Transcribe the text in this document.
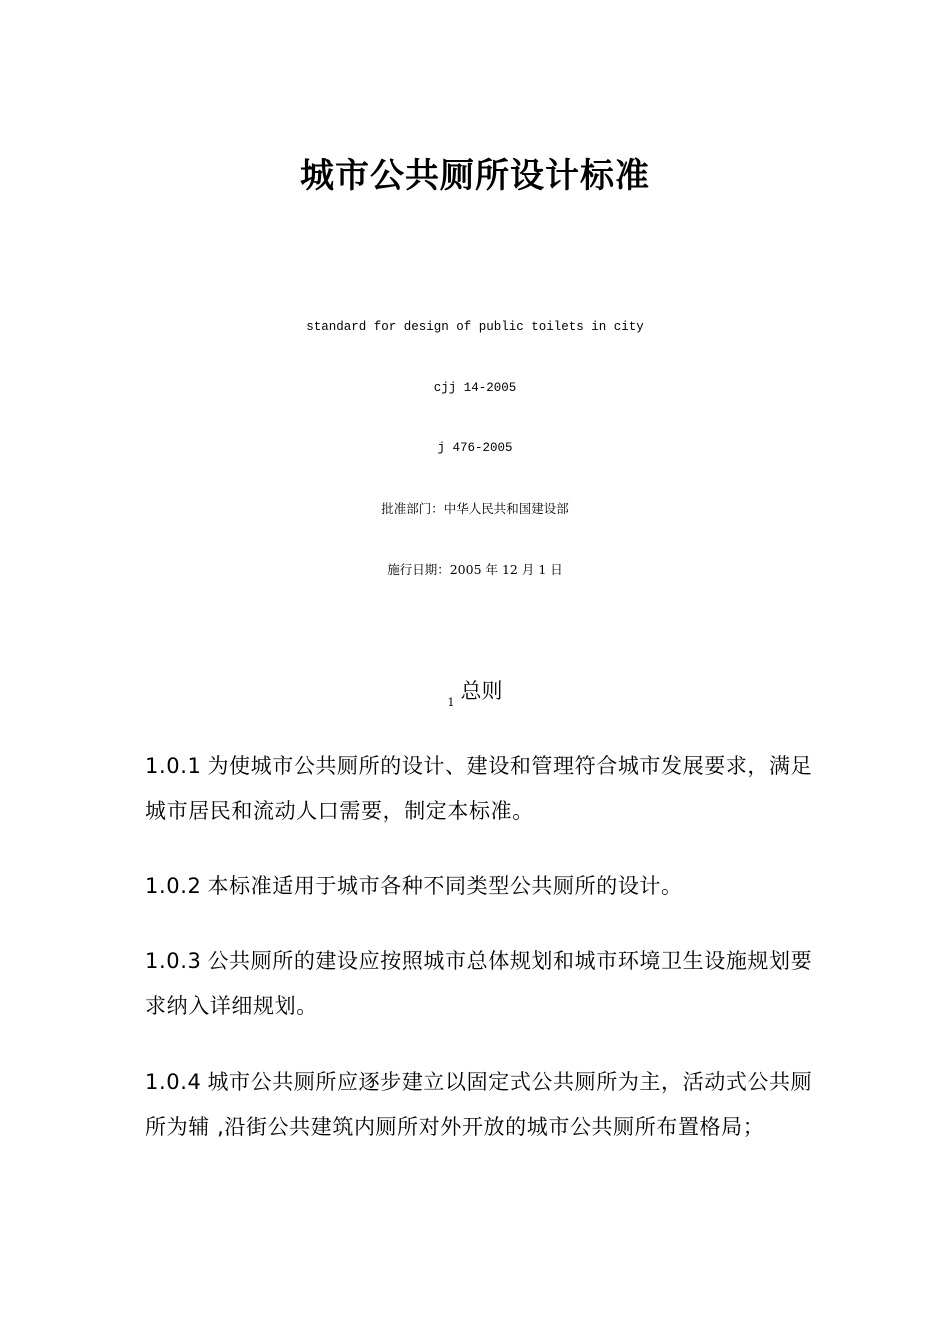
城市公共厕所设计标准
standard for design of public toilets in city
cjj 14-2005
j 476-2005
批准部门：中华人民共和国建设部
施行日期：2005 年 12 月 1 日
$_1$ 总则
1.0.1 为使城市公共厕所的设计、建设和管理符合城市发展要求，满足城市居民和流动人口需要，制定本标准。
1.0.2 本标准适用于城市各种不同类型公共厕所的设计。
1.0.3 公共厕所的建设应按照城市总体规划和城市环境卫生设施规划要求纳入详细规划。
1.0.4 城市公共厕所应逐步建立以固定式公共厕所为主，活动式公共厕所为辅 ,沿街公共建筑内厕所对外开放的城市公共厕所布置格局；
